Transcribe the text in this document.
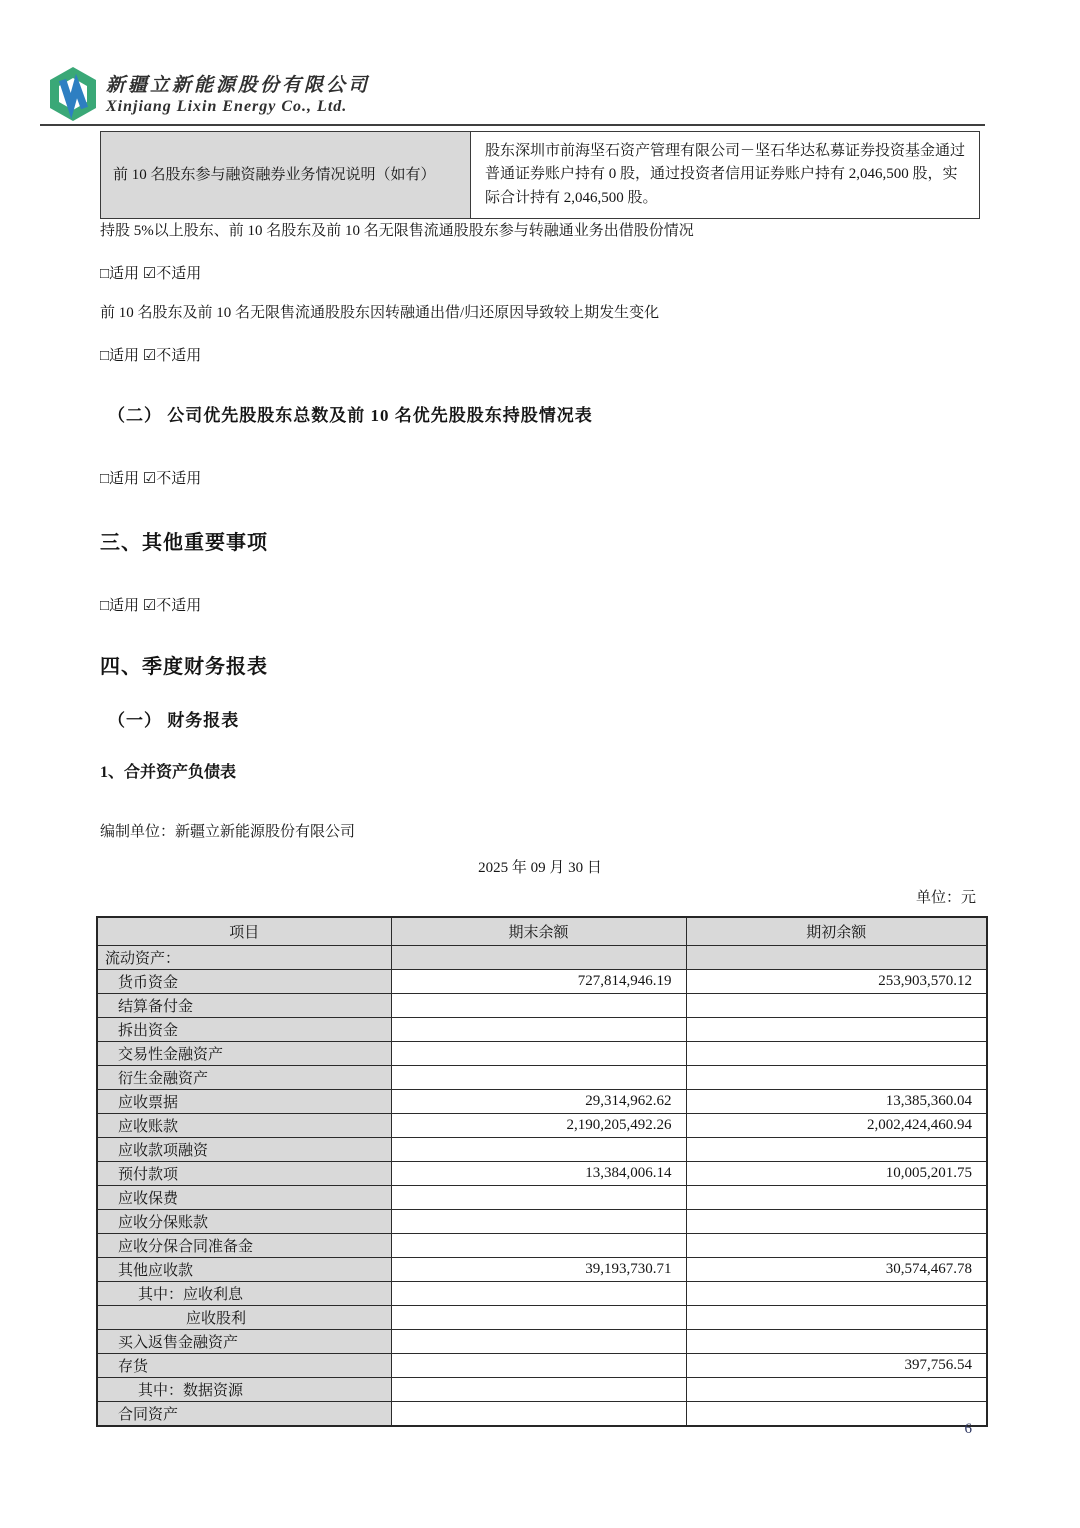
新疆立新能源股份有限公司
Xinjiang Lixin Energy Co., Ltd.
前 10 名股东参与融资融券业务情况说明（如有）
股东深圳市前海坚石资产管理有限公司－坚石华达私募证券投资基金通过普通证券账户持有 0 股，通过投资者信用证券账户持有 2,046,500 股，实际合计持有 2,046,500 股。
持股 5%以上股东、前 10 名股东及前 10 名无限售流通股股东参与转融通业务出借股份情况
□适用 ☑不适用
前 10 名股东及前 10 名无限售流通股股东因转融通出借/归还原因导致较上期发生变化
□适用 ☑不适用
（二） 公司优先股股东总数及前 10 名优先股股东持股情况表
□适用 ☑不适用
三、其他重要事项
□适用 ☑不适用
四、季度财务报表
（一） 财务报表
1、合并资产负债表
编制单位：新疆立新能源股份有限公司
2025 年 09 月 30 日
单位：元
项目	期末余额	期初余额
流动资产：		
货币资金	727,814,946.19	253,903,570.12
结算备付金		
拆出资金		
交易性金融资产		
衍生金融资产		
应收票据	29,314,962.62	13,385,360.04
应收账款	2,190,205,492.26	2,002,424,460.94
应收款项融资		
预付款项	13,384,006.14	10,005,201.75
应收保费		
应收分保账款		
应收分保合同准备金		
其他应收款	39,193,730.71	30,574,467.78
其中：应收利息		
应收股利		
买入返售金融资产		
存货		397,756.54
其中：数据资源		
合同资产		
6
